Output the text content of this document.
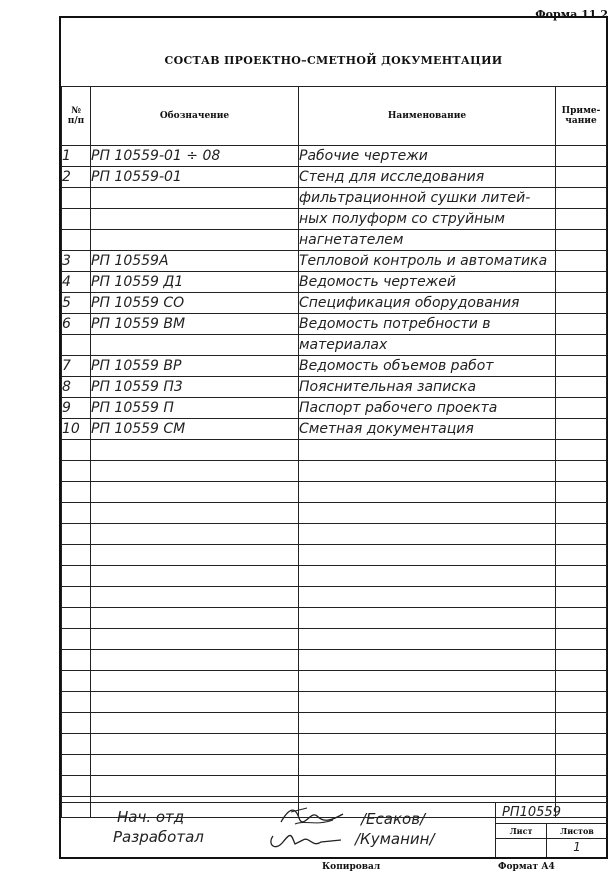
Форма 11.2
СОСТАВ ПРОЕКТНО–СМЕТНОЙ ДОКУМЕНТАЦИИ
№
п/п	Обозначение	Наименование	Приме-
чание
1	РП 10559-01 ÷ 08	Рабочие чертежи	
2	РП 10559-01	Стенд для исследования	
		фильтрационной сушки литей-	
		ных полуформ со струйным	
		нагнетателем	
3	РП 10559А	Тепловой контроль и автоматика	
4	РП 10559 Д1	Ведомость чертежей	
5	РП 10559 СО	Спецификация оборудования	
6	РП 10559 ВМ	Ведомость потребности в	
		материалах	
7	РП 10559 ВР	Ведомость объемов работ	
8	РП 10559 П3	Пояснительная записка	
9	РП 10559 П	Паспорт рабочего проекта	
10	РП 10559 СМ	Сметная документация	

Нач. отд
Разработал
/Есаков/
/Куманин/
РП10559
Лист	Листов
1
Копировал	Формат А4
